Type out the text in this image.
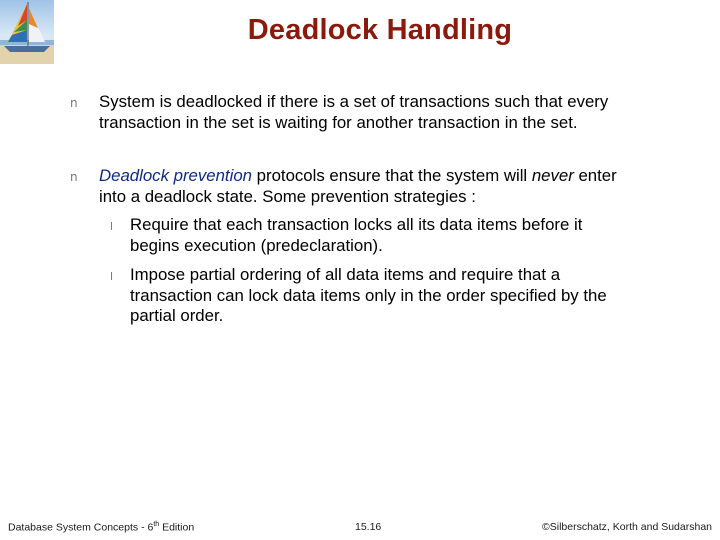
Deadlock Handling
n System is deadlocked if there is a set of transactions such that every transaction in the set is waiting for another transaction in the set.
n Deadlock prevention protocols ensure that the system will never enter into a deadlock state. Some prevention strategies :
l Require that each transaction locks all its data items before it begins execution (predeclaration).
l Impose partial ordering of all data items and require that a transaction can lock data items only in the order specified by the partial order.
Database System Concepts - 6th Edition	15.16	©Silberschatz, Korth and Sudarshan
